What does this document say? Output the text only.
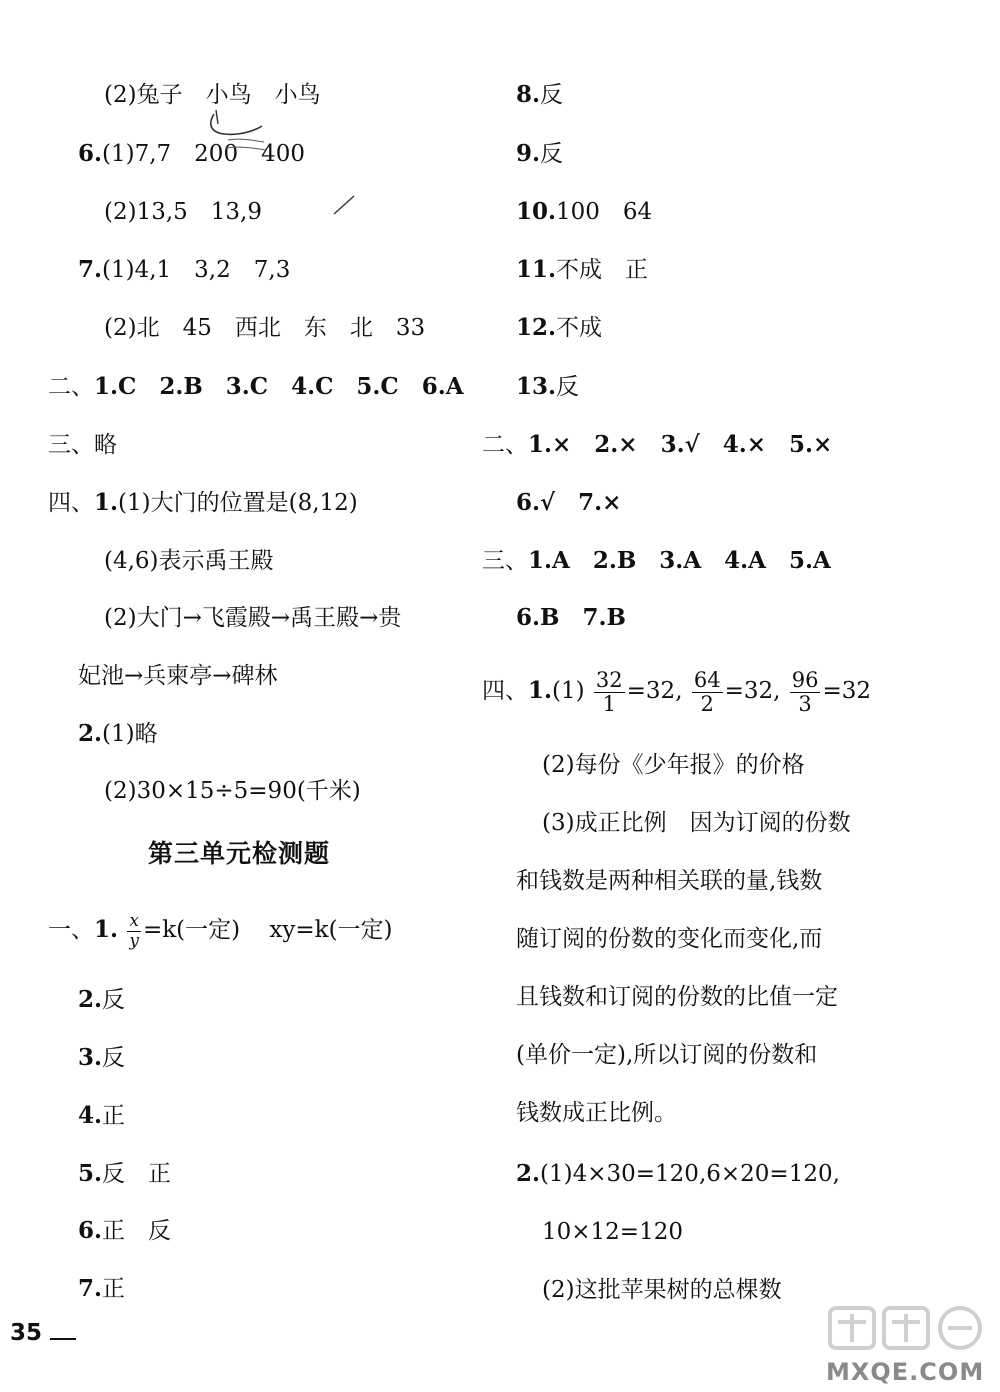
(2)兔子　小鸟　小鸟
6.(1)7,7　200　400
(2)13,5　13,9
7.(1)4,1　3,2　7,3
(2)北　45　西北　东　北　33
二、1.C　2.B　3.C　4.C　5.C　6.A
三、略
四、1.(1)大门的位置是(8,12)
(4,6)表示禹王殿
(2)大门→飞霞殿→禹王殿→贵
妃池→兵柬亭→碑林
2.(1)略
(2)30×15÷5=90(千米)
第三单元检测题
一、1. $\frac{x}{y} =k$(一定) xy=k(一定)
2.反
3.反
4.正
5.反　正
6.正　反
7.正
8.反
9.反
10.100　64
11.不成　正
12.不成
13.反
二、1.×　2.×　3.√　4.×　5.×
6.√　7.×
三、1.A　2.B　3.A　4.A　5.A
6.B　7.B
四、$1.(1) \frac{32}{1} =32$, $\frac{64}{2} =32$, $\frac{96}{3} =32$
(2)每份《少年报》的价格
(3)成正比例　因为订阅的份数
和钱数是两种相关联的量,钱数
随订阅的份数的变化而变化,而
且钱数和订阅的份数的比值一定
(单价一定),所以订阅的份数和
钱数成正比例。
2.(1)4×30=120,6×20=120,
10×12=120
(2)这批苹果树的总棵数
35
MXQE.COM
